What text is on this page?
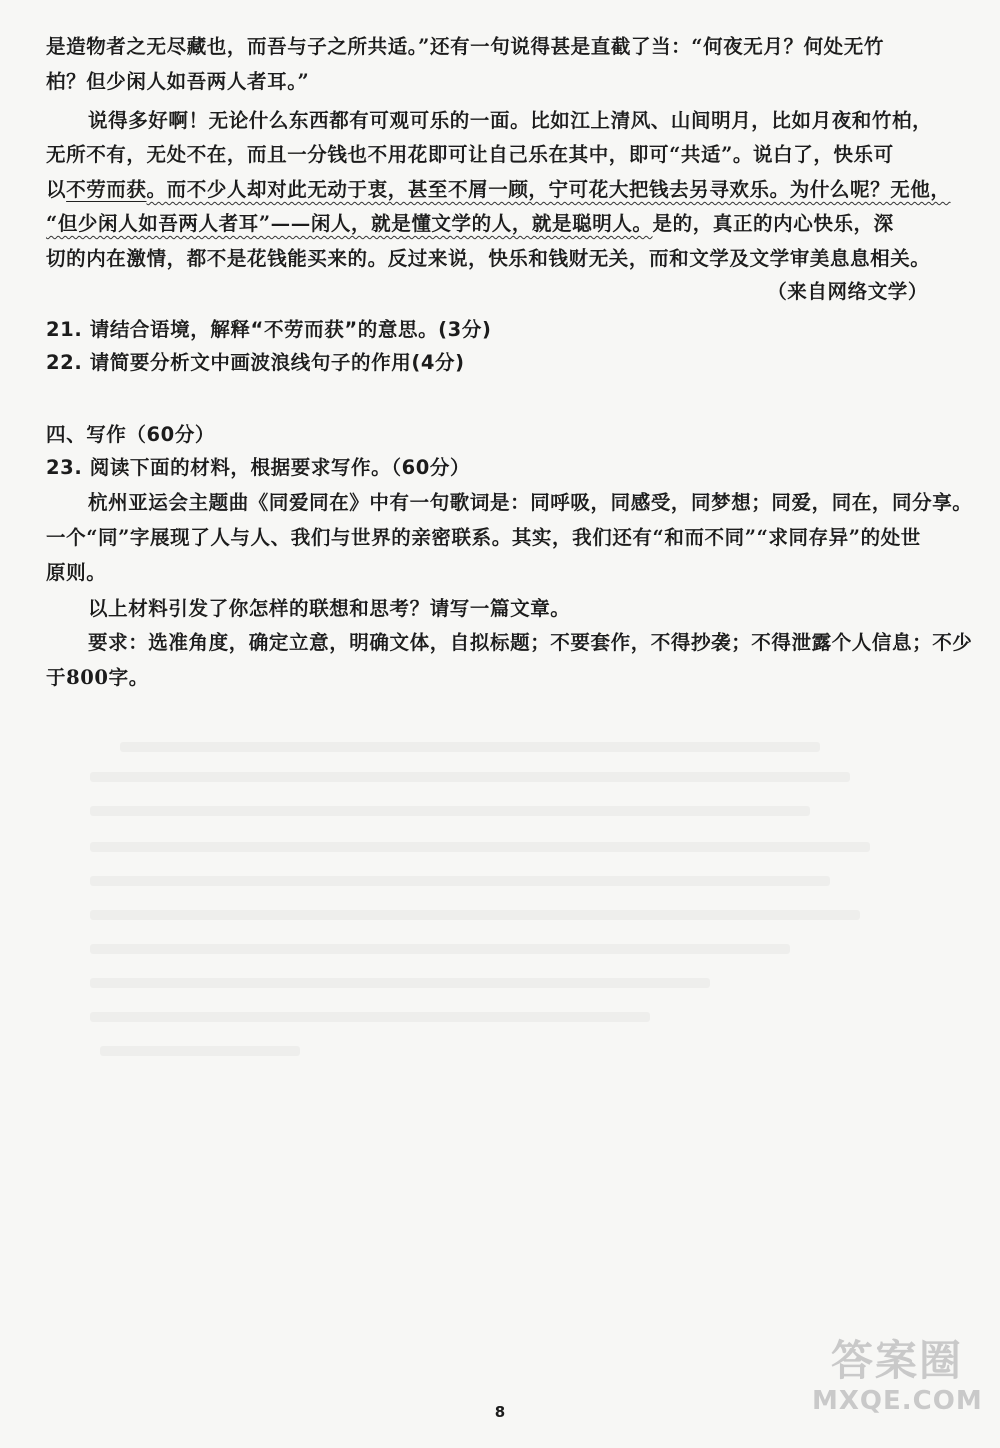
是造物者之无尽藏也，而吾与子之所共适。”还有一句说得甚是直截了当：“何夜无月？何处无竹
柏？但少闲人如吾两人者耳。”
说得多好啊！无论什么东西都有可观可乐的一面。比如江上清风、山间明月，比如月夜和竹柏，
无所不有，无处不在，而且一分钱也不用花即可让自己乐在其中，即可“共适”。说白了，快乐可
以不劳而获。而不少人却对此无动于衷，甚至不屑一顾，宁可花大把钱去另寻欢乐。为什么呢？无他，
“但少闲人如吾两人者耳”——闲人，就是懂文学的人，就是聪明人。是的，真正的内心快乐，深
切的内在激情，都不是花钱能买来的。反过来说，快乐和钱财无关，而和文学及文学审美息息相关。
（来自网络文学）
21. 请结合语境，解释“不劳而获”的意思。(3分)
22. 请简要分析文中画波浪线句子的作用(4分)
四、写作（60分）
23. 阅读下面的材料，根据要求写作。（60分）
杭州亚运会主题曲《同爱同在》中有一句歌词是：同呼吸，同感受，同梦想；同爱，同在，同分享。
一个“同”字展现了人与人、我们与世界的亲密联系。其实，我们还有“和而不同”“求同存异”的处世
原则。
以上材料引发了你怎样的联想和思考？请写一篇文章。
要求：选准角度，确定立意，明确文体，自拟标题；不要套作，不得抄袭；不得泄露个人信息；不少
于800字。
8
答案圈
MXQE.COM
